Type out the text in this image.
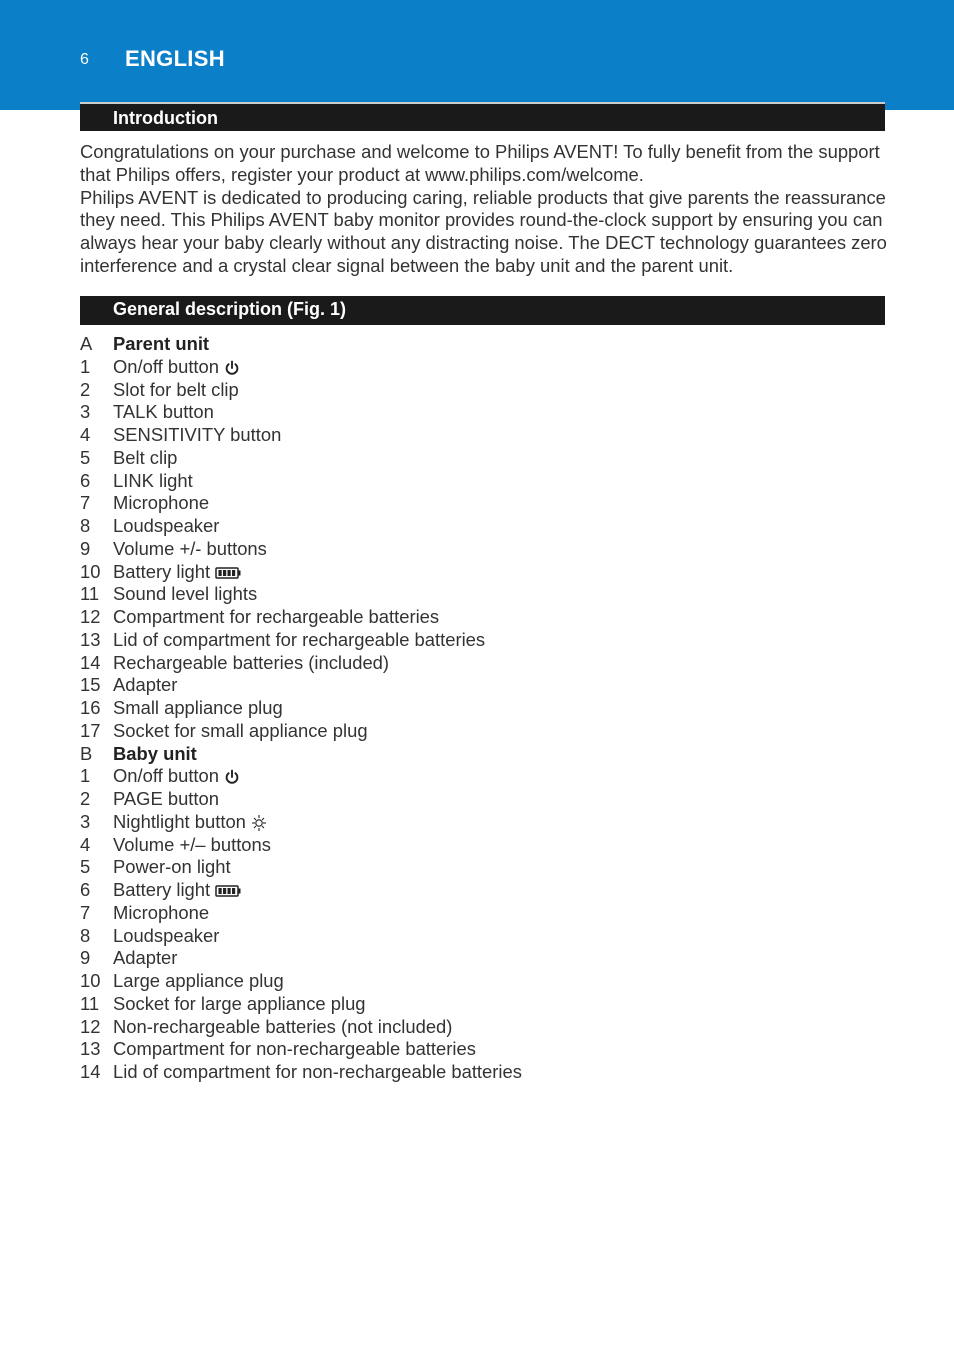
6 ENGLISH
Introduction

Congratulations on your purchase and welcome to Philips AVENT! To fully benefit from the support that Philips offers, register your product at www.philips.com/welcome.

Philips AVENT is dedicated to producing caring, reliable products that give parents the reassurance they need. This Philips AVENT baby monitor provides round-the-clock support by ensuring you can always hear your baby clearly without any distracting noise. The DECT technology guarantees zero interference and a crystal clear signal between the baby unit and the parent unit.

General description (Fig. 1)
A Parent unit
1 On/off button
2 Slot for belt clip
3 TALK button
4 SENSITIVITY button
5 Belt clip
6 LINK light
7 Microphone
8 Loudspeaker
9 Volume +/- buttons
10 Battery light
11 Sound level lights
12 Compartment for rechargeable batteries
13 Lid of compartment for rechargeable batteries
14 Rechargeable batteries (included)
15 Adapter
16 Small appliance plug
17 Socket for small appliance plug
B Baby unit
1 On/off button
2 PAGE button
3 Nightlight button
4 Volume +/– buttons
5 Power-on light
6 Battery light
7 Microphone
8 Loudspeaker
9 Adapter
10 Large appliance plug
11 Socket for large appliance plug
12 Non-rechargeable batteries (not included)
13 Compartment for non-rechargeable batteries
14 Lid of compartment for non-rechargeable batteries
